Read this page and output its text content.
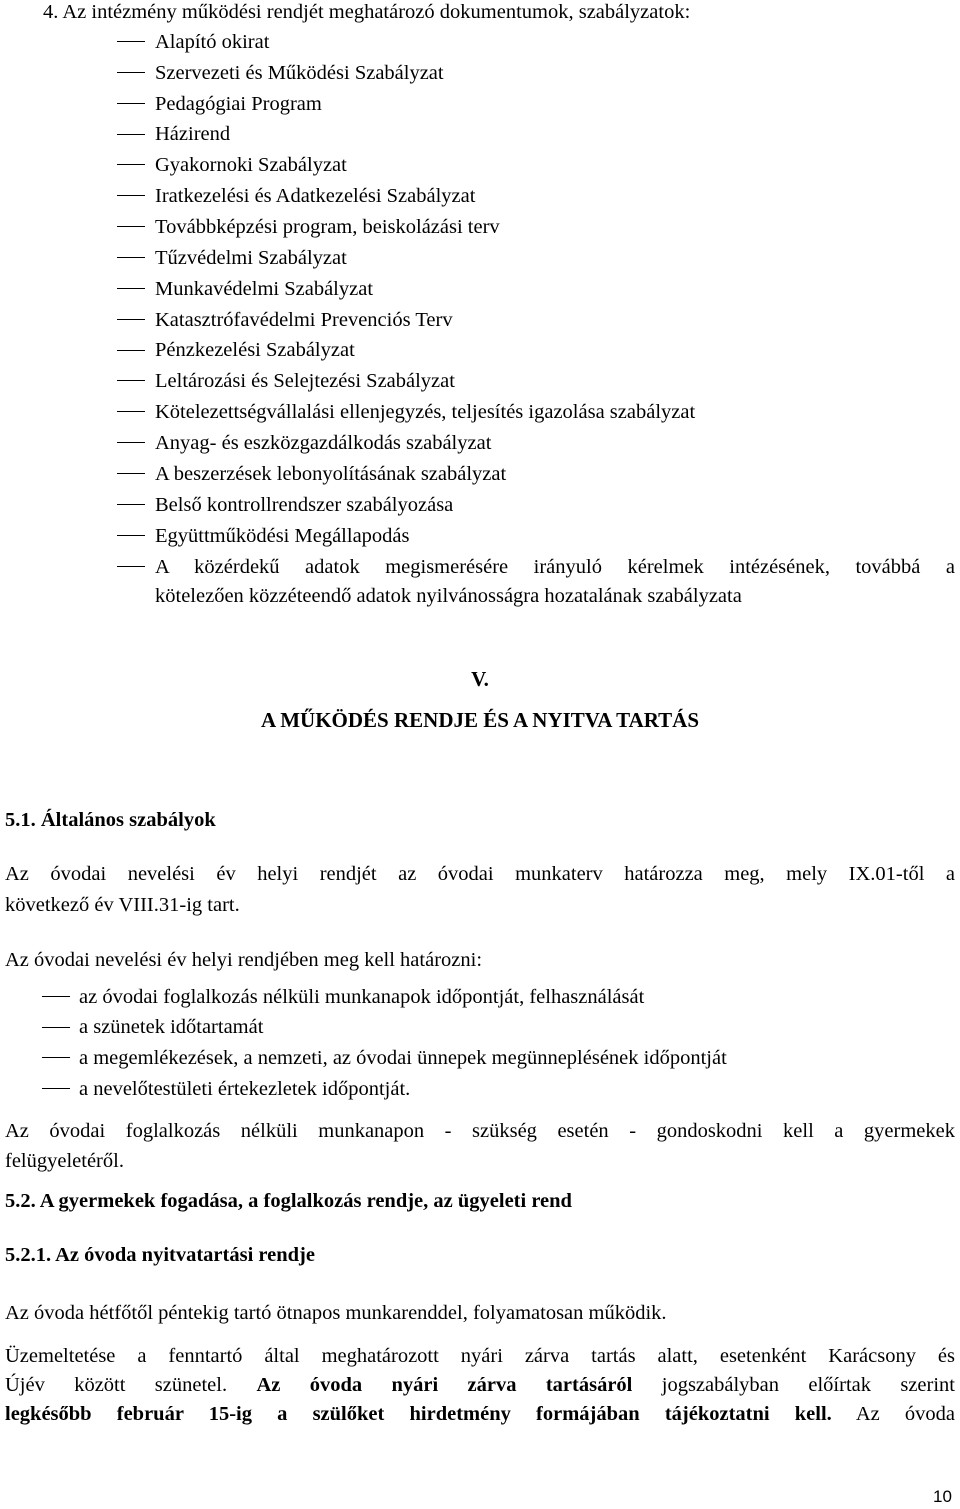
4. Az intézmény működési rendjét meghatározó dokumentumok, szabályzatok:
Alapító okirat
Szervezeti és Működési Szabályzat
Pedagógiai Program
Házirend
Gyakornoki Szabályzat
Iratkezelési és Adatkezelési Szabályzat
Továbbképzési program, beiskolázási terv
Tűzvédelmi Szabályzat
Munkavédelmi Szabályzat
Katasztrófavédelmi Prevenciós Terv
Pénzkezelési Szabályzat
Leltározási és Selejtezési Szabályzat
Kötelezettségvállalási ellenjegyzés, teljesítés igazolása szabályzat
Anyag- és eszközgazdálkodás szabályzat
A beszerzések lebonyolításának szabályzat
Belső kontrollrendszer szabályozása
Együttműködési Megállapodás
A közérdekű adatok megismerésére irányuló kérelmek intézésének, továbbá a
kötelezően közzéteendő adatok nyilvánosságra hozatalának szabályzata
V.
A MŰKÖDÉS RENDJE ÉS A NYITVA TARTÁS
5.1. Általános szabályok
Az óvodai nevelési év helyi rendjét az óvodai munkaterv határozza meg, mely IX.01-től a
következő év VIII.31-ig tart.
Az óvodai nevelési év helyi rendjében meg kell határozni:
az óvodai foglalkozás nélküli munkanapok időpontját, felhasználását
a szünetek időtartamát
a megemlékezések, a nemzeti, az óvodai ünnepek megünneplésének időpontját
a nevelőtestületi értekezletek időpontját.
Az óvodai foglalkozás nélküli munkanapon - szükség esetén - gondoskodni kell a gyermekek
felügyeletéről.
5.2. A gyermekek fogadása, a foglalkozás rendje, az ügyeleti rend
5.2.1. Az óvoda nyitvatartási rendje
Az óvoda hétfőtől péntekig tartó ötnapos munkarenddel, folyamatosan működik.
Üzemeltetése a fenntartó által meghatározott nyári zárva tartás alatt, esetenként Karácsony és
Újév között szünetel. Az óvoda nyári zárva tartásáról jogszabályban előírtak szerint
legkésőbb február 15-ig a szülőket hirdetmény formájában tájékoztatni kell. Az óvoda
10
